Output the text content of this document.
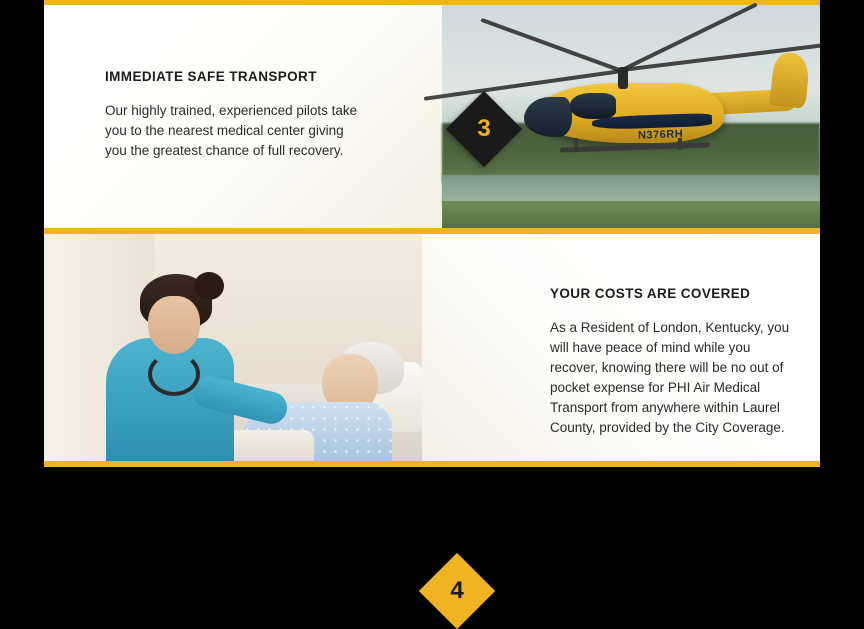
IMMEDIATE SAFE TRANSPORT
Our highly trained, experienced pilots take you to the nearest medical center giving you the greatest chance of full recovery.
N376RH
3
YOUR COSTS ARE COVERED
As a Resident of London, Kentucky, you will have peace of mind while you recover, knowing there will be no out of pocket expense for PHI Air Medical Transport from anywhere within Laurel County, provided by the City Coverage.
4
